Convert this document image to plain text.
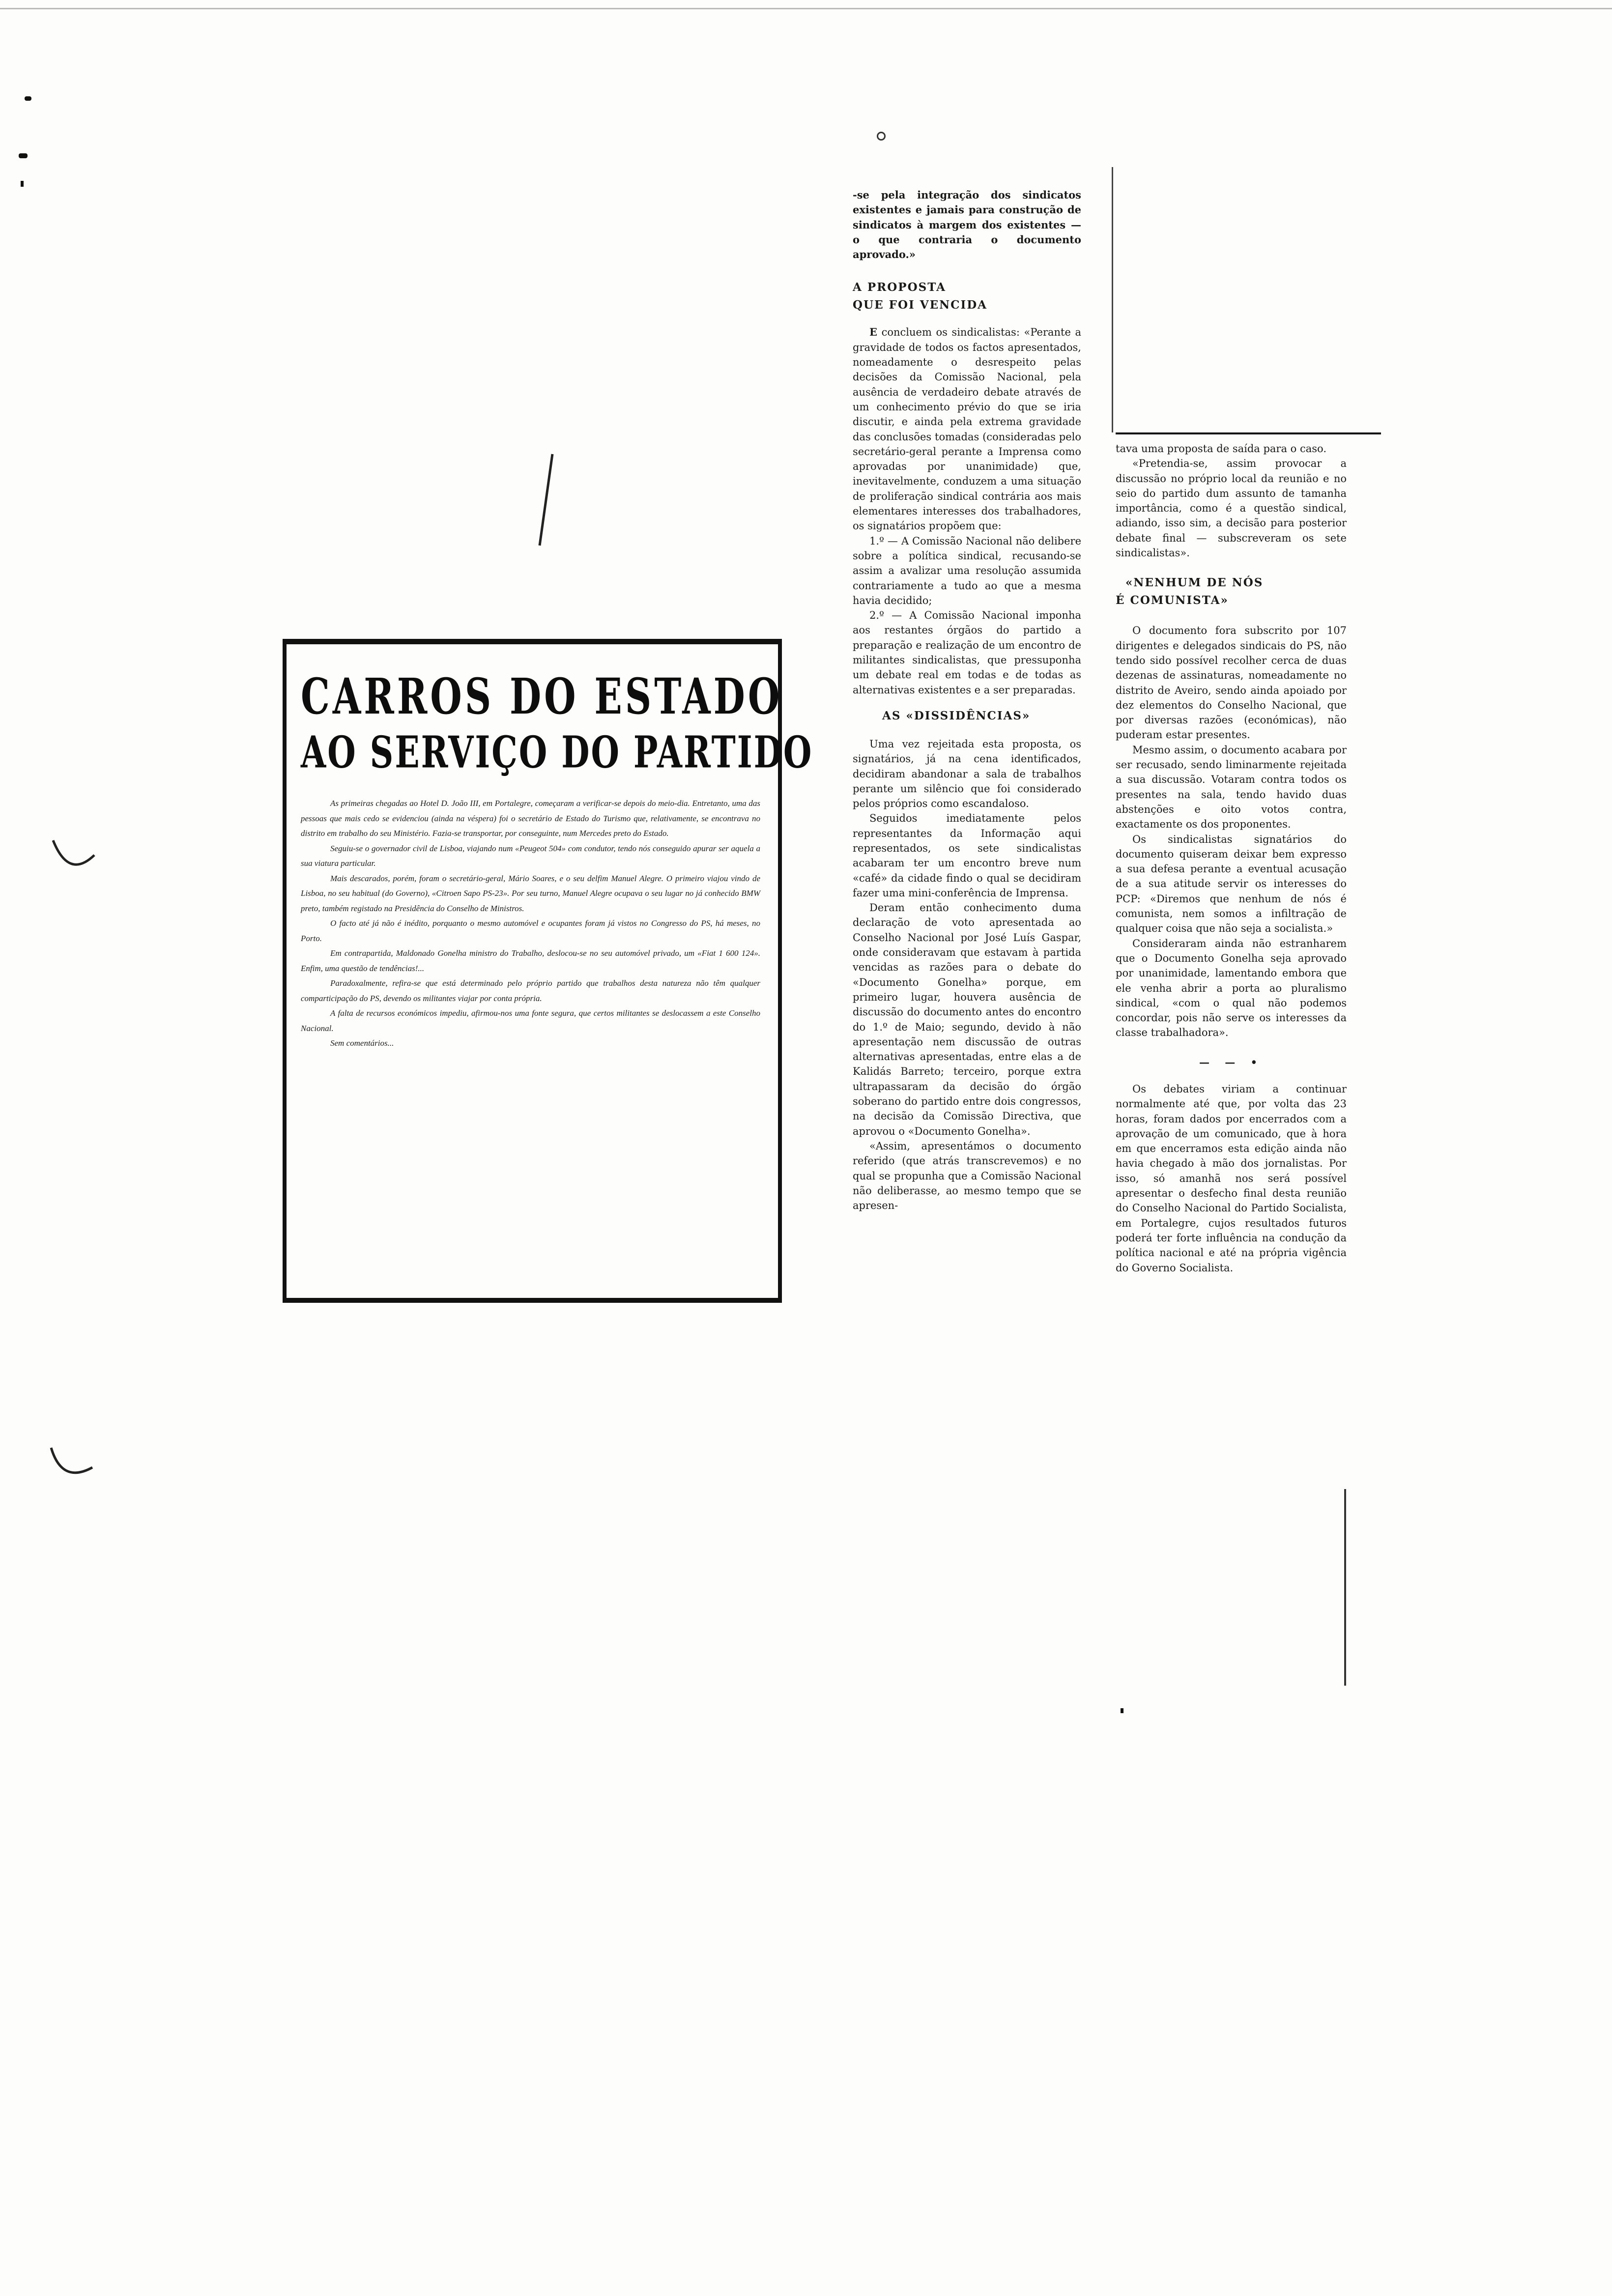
CARROS DO ESTADO
AO SERVIÇO DO PARTIDO

As primeiras chegadas ao Hotel D. João III, em Portalegre, começaram a verificar-se depois do meio-dia. Entretanto, uma das pessoas que mais cedo se evidenciou (ainda na véspera) foi o secretário de Estado do Turismo que, relativamente, se encontrava no distrito em trabalho do seu Ministério. Fazia-se transportar, por conseguinte, num Mercedes preto do Estado.

Seguiu-se o governador civil de Lisboa, viajando num «Peugeot 504» com condutor, tendo nós conseguido apurar ser aquela a sua viatura particular.

Mais descarados, porém, foram o secretário-geral, Mário Soares, e o seu delfim Manuel Alegre. O primeiro viajou vindo de Lisboa, no seu habitual (do Governo), «Citroen Sapo PS-23». Por seu turno, Manuel Alegre ocupava o seu lugar no já conhecido BMW preto, também registado na Presidência do Conselho de Ministros.

O facto até já não é inédito, porquanto o mesmo automóvel e ocupantes foram já vistos no Congresso do PS, há meses, no Porto.

Em contrapartida, Maldonado Gonelha ministro do Trabalho, deslocou-se no seu automóvel privado, um «Fiat 1 600 124». Enfim, uma questão de tendências!...

Paradoxalmente, refira-se que está determinado pelo próprio partido que trabalhos desta natureza não têm qualquer comparticipação do PS, devendo os militantes viajar por conta própria.

A falta de recursos económicos impediu, afirmou-nos uma fonte segura, que certos militantes se deslocassem a este Conselho Nacional.

Sem comentários...

-se pela integração dos sindicatos existentes e jamais para construção de sindicatos à margem dos existentes — o que contraria o documento aprovado.»

A PROPOSTA
QUE FOI VENCIDA

E concluem os sindicalistas: «Perante a gravidade de todos os factos apresentados, nomeadamente o desrespeito pelas decisões da Comissão Nacional, pela ausência de verdadeiro debate através de um conhecimento prévio do que se iria discutir, e ainda pela extrema gravidade das conclusões tomadas (consideradas pelo secretário-geral perante a Imprensa como aprovadas por unanimidade) que, inevitavelmente, conduzem a uma situação de proliferação sindical contrária aos mais elementares interesses dos trabalhadores, os signatários propõem que:

1.º — A Comissão Nacional não delibere sobre a política sindical, recusando-se assim a avalizar uma resolução assumida contrariamente a tudo ao que a mesma havia decidido;

2.º — A Comissão Nacional imponha aos restantes órgãos do partido a preparação e realização de um encontro de militantes sindicalistas, que pressuponha um debate real em todas e de todas as alternativas existentes e a ser preparadas.

AS «DISSIDÊNCIAS»

Uma vez rejeitada esta proposta, os signatários, já na cena identificados, decidiram abandonar a sala de trabalhos perante um silêncio que foi considerado pelos próprios como escandaloso.

Seguidos imediatamente pelos representantes da Informação aqui representados, os sete sindicalistas acabaram ter um encontro breve num «café» da cidade findo o qual se decidiram fazer uma mini-conferência de Imprensa.

Deram então conhecimento duma declaração de voto apresentada ao Conselho Nacional por José Luís Gaspar, onde consideravam que estavam à partida vencidas as razões para o debate do «Documento Gonelha» porque, em primeiro lugar, houvera ausência de discussão do documento antes do encontro do 1.º de Maio; segundo, devido à não apresentação nem discussão de outras alternativas apresentadas, entre elas a de Kalidás Barreto; terceiro, porque extra ultrapassaram da decisão do órgão soberano do partido entre dois congressos, na decisão da Comissão Directiva, que aprovou o «Documento Gonelha».

«Assim, apresentámos o documento referido (que atrás transcrevemos) e no qual se propunha que a Comissão Nacional não deliberasse, ao mesmo tempo que se apresen-

tava uma proposta de saída para o caso.

«Pretendia-se, assim provocar a discussão no próprio local da reunião e no seio do partido dum assunto de tamanha importância, como é a questão sindical, adiando, isso sim, a decisão para posterior debate final — subscreveram os sete sindicalistas».

«NENHUM DE NÓS
É COMUNISTA»

O documento fora subscrito por 107 dirigentes e delegados sindicais do PS, não tendo sido possível recolher cerca de duas dezenas de assinaturas, nomeadamente no distrito de Aveiro, sendo ainda apoiado por dez elementos do Conselho Nacional, que por diversas razões (económicas), não puderam estar presentes.

Mesmo assim, o documento acabara por ser recusado, sendo liminarmente rejeitada a sua discussão. Votaram contra todos os presentes na sala, tendo havido duas abstenções e oito votos contra, exactamente os dos proponentes.

Os sindicalistas signatários do documento quiseram deixar bem expresso a sua defesa perante a eventual acusação de a sua atitude servir os interesses do PCP: «Diremos que nenhum de nós é comunista, nem somos a infiltração de qualquer coisa que não seja a socialista.»

Consideraram ainda não estranharem que o Documento Gonelha seja aprovado por unanimidade, lamentando embora que ele venha abrir a porta ao pluralismo sindical, «com o qual não podemos concordar, pois não serve os interesses da classe trabalhadora».

— — •

Os debates viriam a continuar normalmente até que, por volta das 23 horas, foram dados por encerrados com a aprovação de um comunicado, que à hora em que encerramos esta edição ainda não havia chegado à mão dos jornalistas. Por isso, só amanhã nos será possível apresentar o desfecho final desta reunião do Conselho Nacional do Partido Socialista, em Portalegre, cujos resultados futuros poderá ter forte influência na condução da política nacional e até na própria vigência do Governo Socialista.
